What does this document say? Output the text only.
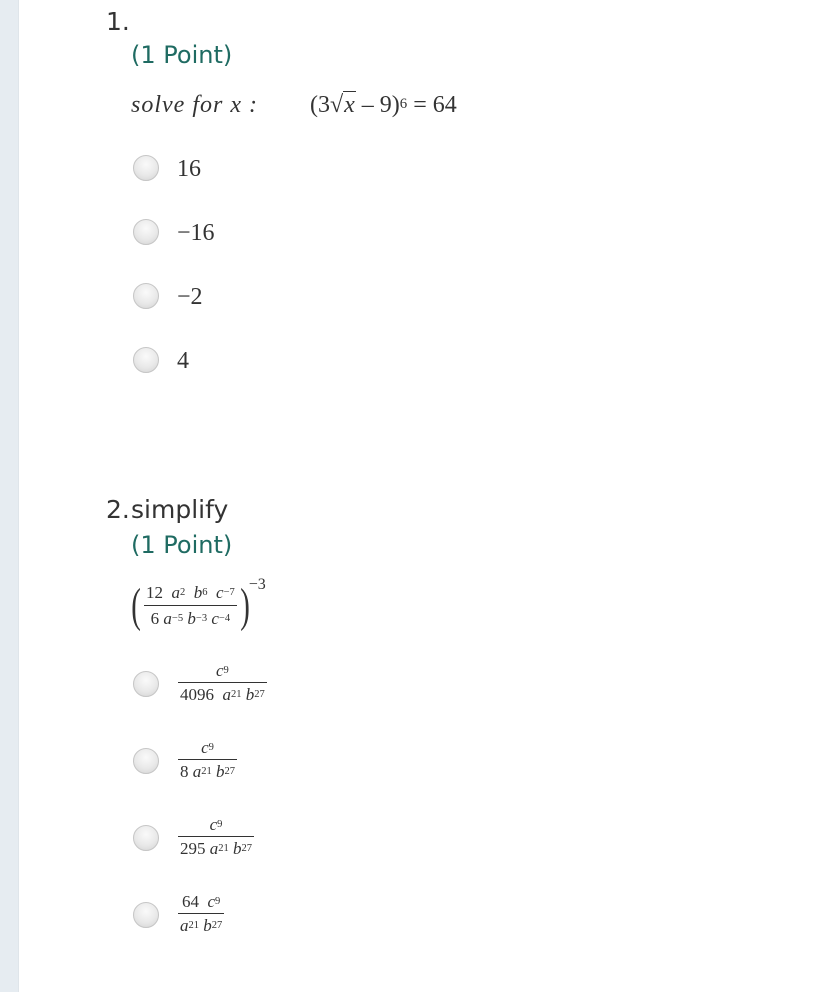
1.
(1 Point)
solve for x : (3√x – 9)$^6$ = 64
16
−16
−2
4
2. simplify
(1 Point)
( $\frac{12 a^2 b^6 c^{-7}}{6 a^{-5} b^{-3} c^{-4}}$ ) −3
$\frac{c^9}{4096 a^{21} b^{27}}$
$\frac{c^9}{8 a^{21} b^{27}}$
$\frac{c^9}{295 a^{21} b^{27}}$
$\frac{64 c^9}{a^{21} b^{27}}$
